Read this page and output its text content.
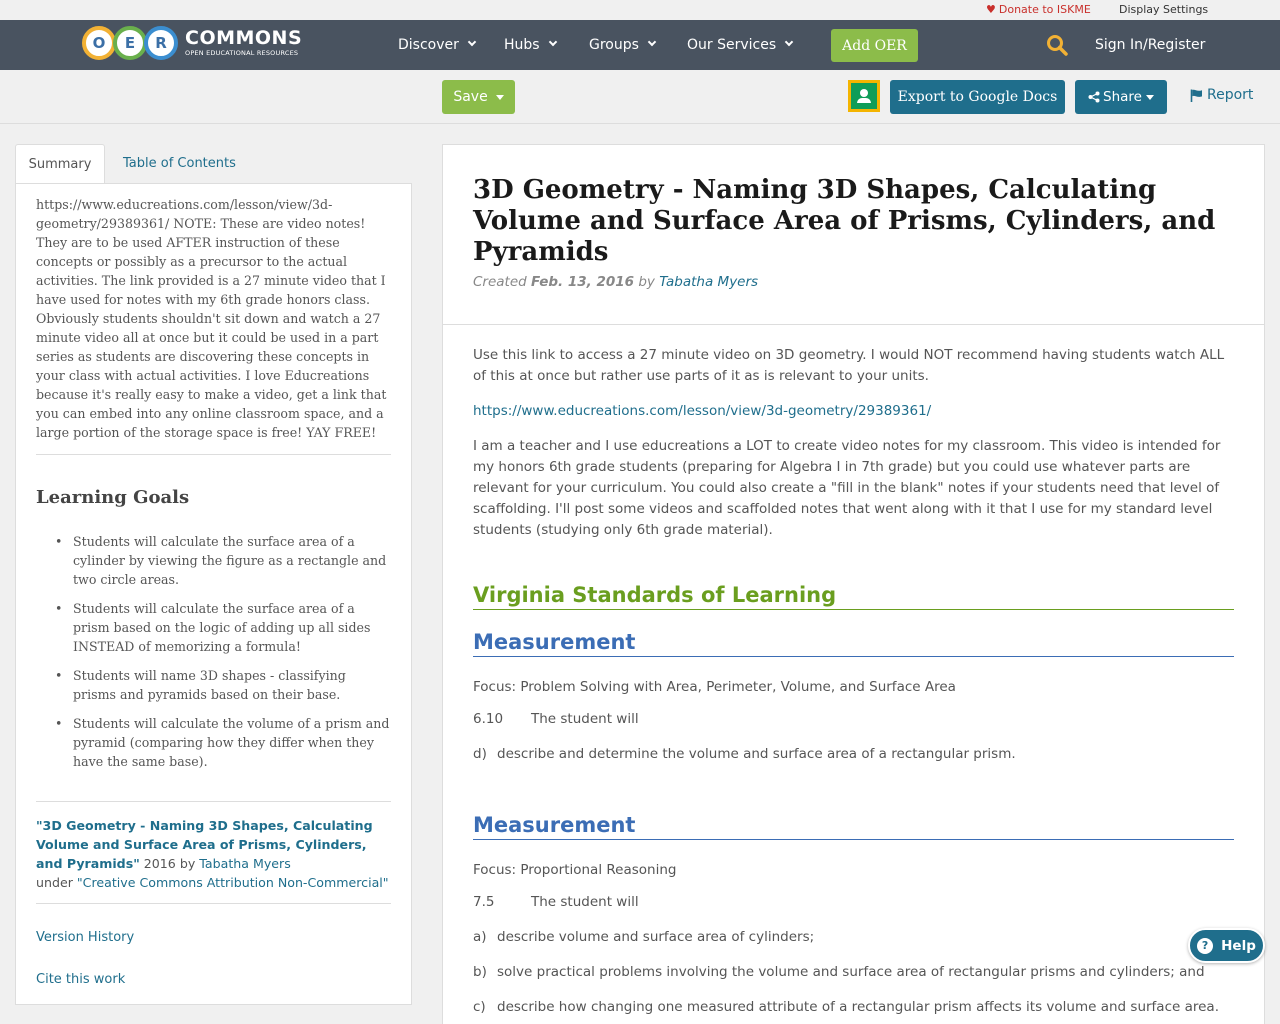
♥ Donate to ISKME	Display Settings
O	E	R COMMONS
OPEN EDUCATIONAL RESOURCES
Discover	Hubs	Groups	Our Services	Add OER	Sign In/Register
Save	Export to Google Docs	Share	Report
Summary	Table of Contents
https://www.educreations.com/lesson/view/3d-geometry/29389361/ NOTE: These are video notes! They are to be used AFTER instruction of these concepts or possibly as a precursor to the actual activities. The link provided is a 27 minute video that I have used for notes with my 6th grade honors class. Obviously students shouldn't sit down and watch a 27 minute video all at once but it could be used in a part series as students are discovering these concepts in your class with actual activities. I love Educreations because it's really easy to make a video, get a link that you can embed into any online classroom space, and a large portion of the storage space is free! YAY FREE!
Learning Goals
• Students will calculate the surface area of a cylinder by viewing the figure as a rectangle and two circle areas.
• Students will calculate the surface area of a prism based on the logic of adding up all sides INSTEAD of memorizing a formula!
• Students will name 3D shapes - classifying prisms and pyramids based on their base.
• Students will calculate the volume of a prism and pyramid (comparing how they differ when they have the same base).
"3D Geometry - Naming 3D Shapes, Calculating Volume and Surface Area of Prisms, Cylinders, and Pyramids" 2016 by Tabatha Myers
under "Creative Commons Attribution Non-Commercial"
Version History
Cite this work
3D Geometry - Naming 3D Shapes, Calculating Volume and Surface Area of Prisms, Cylinders, and Pyramids
Created Feb. 13, 2016 by Tabatha Myers

Use this link to access a 27 minute video on 3D geometry. I would NOT recommend having students watch ALL of this at once but rather use parts of it as is relevant to your units.

https://www.educreations.com/lesson/view/3d-geometry/29389361/

I am a teacher and I use educreations a LOT to create video notes for my classroom. This video is intended for my honors 6th grade students (preparing for Algebra I in 7th grade) but you could use whatever parts are relevant for your curriculum. You could also create a "fill in the blank" notes if your students need that level of scaffolding. I'll post some videos and scaffolded notes that went along with it that I use for my standard level students (studying only 6th grade material).

Virginia Standards of Learning
Measurement
Focus: Problem Solving with Area, Perimeter, Volume, and Surface Area
6.10 The student will
d) describe and determine the volume and surface area of a rectangular prism.
Measurement
Focus: Proportional Reasoning
7.5	The student will
a) describe volume and surface area of cylinders;
b) solve practical problems involving the volume and surface area of rectangular prisms and cylinders; and
c) describe how changing one measured attribute of a rectangular prism affects its volume and surface area.
? Help
